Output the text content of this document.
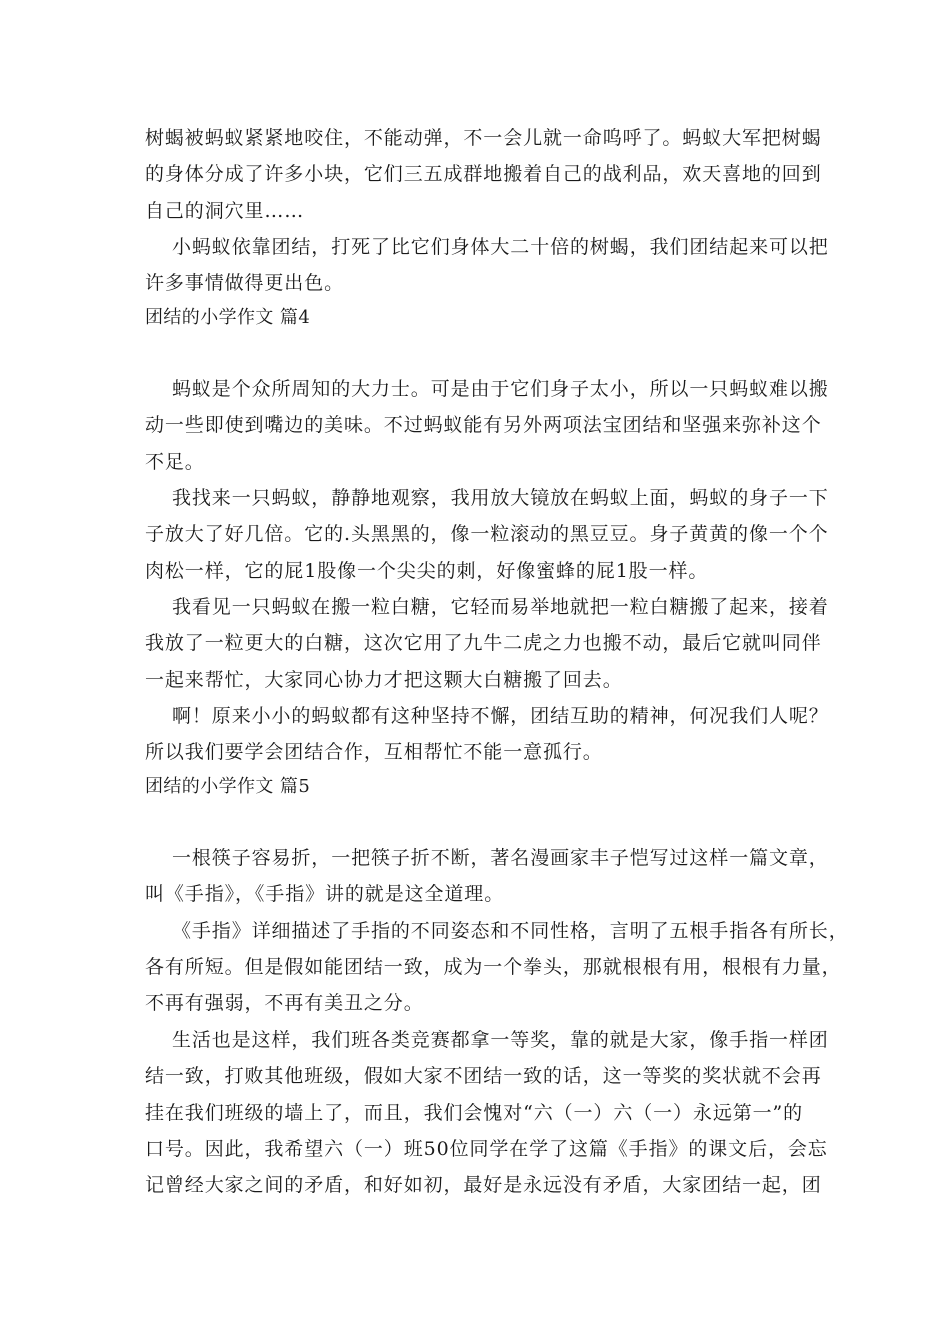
树蝎被蚂蚁紧紧地咬住，不能动弹，不一会儿就一命呜呼了。蚂蚁大军把树蝎
的身体分成了许多小块，它们三五成群地搬着自己的战利品，欢天喜地的回到
自己的洞穴里……
小蚂蚁依靠团结，打死了比它们身体大二十倍的树蝎，我们团结起来可以把
许多事情做得更出色。
团结的小学作文 篇4
蚂蚁是个众所周知的大力士。可是由于它们身子太小，所以一只蚂蚁难以搬
动一些即使到嘴边的美味。不过蚂蚁能有另外两项法宝团结和坚强来弥补这个
不足。
我找来一只蚂蚁，静静地观察，我用放大镜放在蚂蚁上面，蚂蚁的身子一下
子放大了好几倍。它的.头黑黑的，像一粒滚动的黑豆豆。身子黄黄的像一个个
肉松一样，它的屁1股像一个尖尖的刺，好像蜜蜂的屁1股一样。
我看见一只蚂蚁在搬一粒白糖，它轻而易举地就把一粒白糖搬了起来，接着
我放了一粒更大的白糖，这次它用了九牛二虎之力也搬不动，最后它就叫同伴
一起来帮忙，大家同心协力才把这颗大白糖搬了回去。
啊！原来小小的蚂蚁都有这种坚持不懈，团结互助的精神，何况我们人呢？
所以我们要学会团结合作，互相帮忙不能一意孤行。
团结的小学作文 篇5
一根筷子容易折，一把筷子折不断，著名漫画家丰子恺写过这样一篇文章，
叫《手指》，《手指》讲的就是这全道理。
《手指》详细描述了手指的不同姿态和不同性格，言明了五根手指各有所长，
各有所短。但是假如能团结一致，成为一个拳头，那就根根有用，根根有力量，
不再有强弱，不再有美丑之分。
生活也是这样，我们班各类竞赛都拿一等奖，靠的就是大家，像手指一样团
结一致，打败其他班级，假如大家不团结一致的话，这一等奖的奖状就不会再
挂在我们班级的墙上了，而且，我们会愧对“六（一）六（一）永远第一”的
口号。因此，我希望六（一）班50位同学在学了这篇《手指》的课文后，会忘
记曾经大家之间的矛盾，和好如初，最好是永远没有矛盾，大家团结一起，团
